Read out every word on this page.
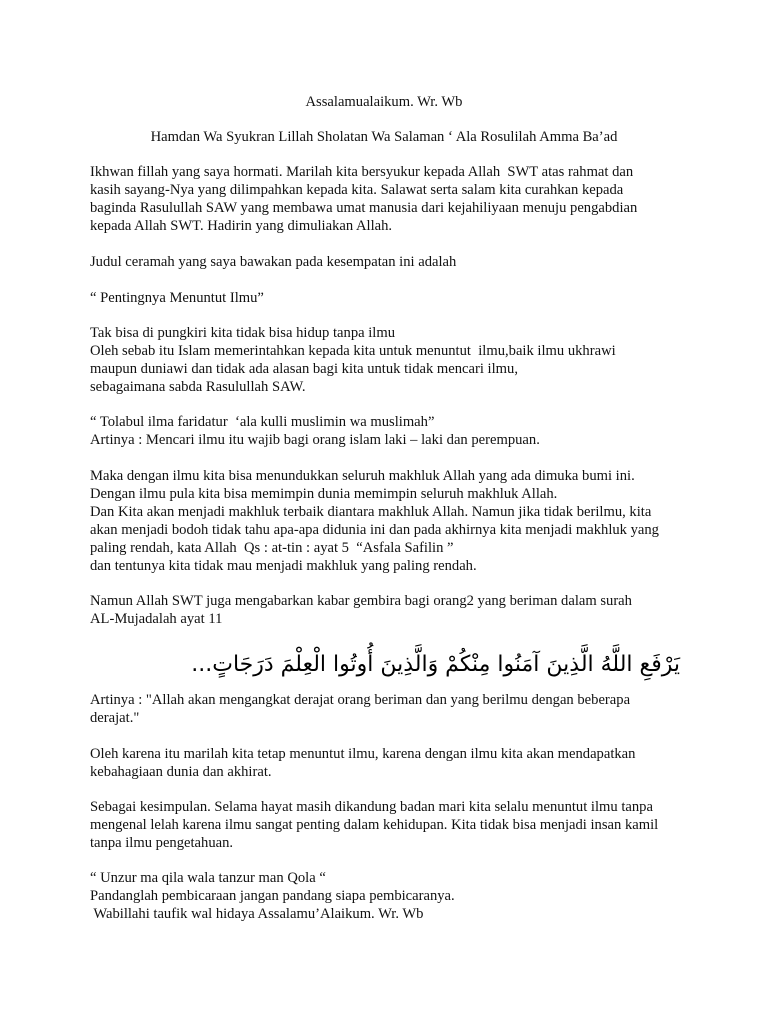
Assalamualaikum. Wr. Wb

Hamdan Wa Syukran Lillah Sholatan Wa Salaman ‘ Ala Rosulilah Amma Ba’ad

Ikhwan fillah yang saya hormati. Marilah kita bersyukur kepada Allah  SWT atas rahmat dan

kasih sayang-Nya yang dilimpahkan kepada kita. Salawat serta salam kita curahkan kepada

baginda Rasulullah SAW yang membawa umat manusia dari kejahiliyaan menuju pengabdian

kepada Allah SWT. Hadirin yang dimuliakan Allah.

Judul ceramah yang saya bawakan pada kesempatan ini adalah

“ Pentingnya Menuntut Ilmu”

Tak bisa di pungkiri kita tidak bisa hidup tanpa ilmu

Oleh sebab itu Islam memerintahkan kepada kita untuk menuntut  ilmu,baik ilmu ukhrawi

maupun duniawi dan tidak ada alasan bagi kita untuk tidak mencari ilmu,

sebagaimana sabda Rasulullah SAW.

“ Tolabul ilma faridatur  ‘ala kulli muslimin wa muslimah”

Artinya : Mencari ilmu itu wajib bagi orang islam laki – laki dan perempuan.

Maka dengan ilmu kita bisa menundukkan seluruh makhluk Allah yang ada dimuka bumi ini.

Dengan ilmu pula kita bisa memimpin dunia memimpin seluruh makhluk Allah.

Dan Kita akan menjadi makhluk terbaik diantara makhluk Allah. Namun jika tidak berilmu, kita

akan menjadi bodoh tidak tahu apa-apa didunia ini dan pada akhirnya kita menjadi makhluk yang

paling rendah, kata Allah  Qs : at-tin : ayat 5  “Asfala Safilin ”

dan tentunya kita tidak mau menjadi makhluk yang paling rendah.

Namun Allah SWT juga mengabarkan kabar gembira bagi orang2 yang beriman dalam surah

AL-Mujadalah ayat 11

يَرْفَعِ اللَّهُ الَّذِينَ آمَنُوا مِنْكُمْ وَالَّذِينَ أُوتُوا الْعِلْمَ دَرَجَاتٍ...

Artinya : "Allah akan mengangkat derajat orang beriman dan yang berilmu dengan beberapa

derajat."

Oleh karena itu marilah kita tetap menuntut ilmu, karena dengan ilmu kita akan mendapatkan

kebahagiaan dunia dan akhirat.

Sebagai kesimpulan. Selama hayat masih dikandung badan mari kita selalu menuntut ilmu tanpa

mengenal lelah karena ilmu sangat penting dalam kehidupan. Kita tidak bisa menjadi insan kamil

tanpa ilmu pengetahuan.

“ Unzur ma qila wala tanzur man Qola “

Pandanglah pembicaraan jangan pandang siapa pembicaranya.

Wabillahi taufik wal hidaya Assalamu’Alaikum. Wr. Wb
